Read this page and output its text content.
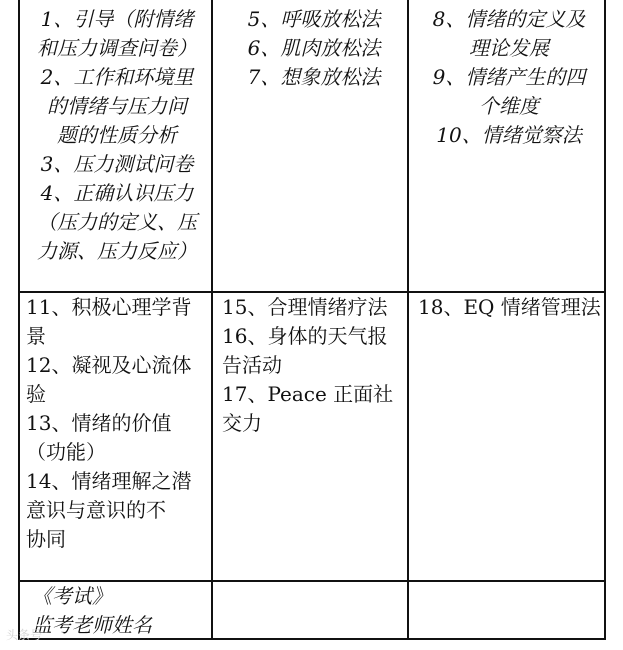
1、引导（附情绪
和压力调查问卷）
2、工作和环境里
的情绪与压力问
题的性质分析
3、压力测试问卷
4、正确认识压力
（压力的定义、压
力源、压力反应）
5、呼吸放松法
6、肌肉放松法
7、想象放松法
8、情绪的定义及
理论发展
9、情绪产生的四
个维度
10、情绪觉察法
11、积极心理学背
景
12、凝视及心流体
验
13、情绪的价值
（功能）
14、情绪理解之潜
意识与意识的不
协同
15、合理情绪疗法
16、身体的天气报
告活动
17、Peace 正面社
交力
18、EQ 情绪管理法
《考试》
监考老师姓名
头条号
